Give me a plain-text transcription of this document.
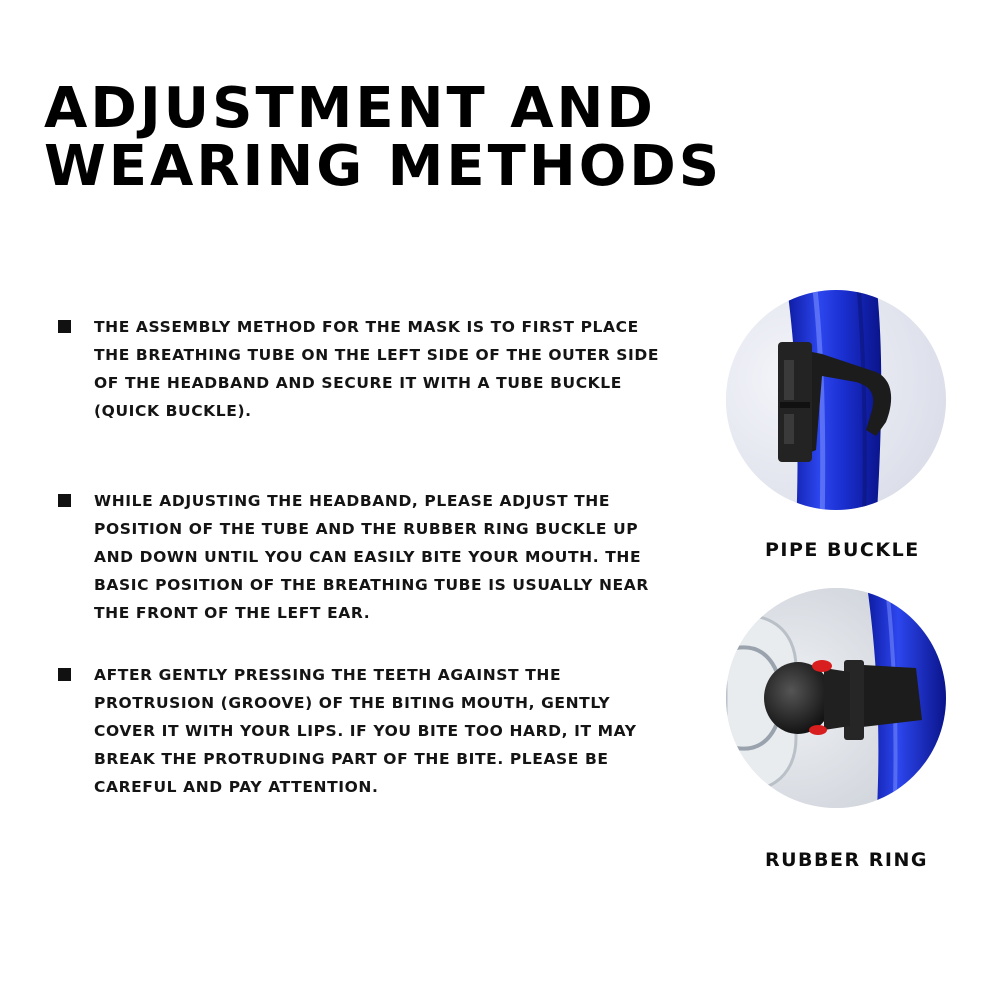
ADJUSTMENT AND
WEARING METHODS

THE ASSEMBLY METHOD FOR THE MASK IS TO FIRST PLACE THE BREATHING TUBE ON THE LEFT SIDE OF THE OUTER SIDE OF THE HEADBAND AND SECURE IT WITH A TUBE BUCKLE (QUICK BUCKLE).

WHILE ADJUSTING THE HEADBAND, PLEASE ADJUST THE POSITION OF THE TUBE AND THE RUBBER RING BUCKLE UP AND DOWN UNTIL YOU CAN EASILY BITE YOUR MOUTH. THE BASIC POSITION OF THE BREATHING TUBE IS USUALLY NEAR THE FRONT OF THE LEFT EAR.

AFTER GENTLY PRESSING THE TEETH AGAINST THE PROTRUSION (GROOVE) OF THE BITING MOUTH, GENTLY COVER IT WITH YOUR LIPS. IF YOU BITE TOO HARD, IT MAY BREAK THE PROTRUDING PART OF THE BITE. PLEASE BE CAREFUL AND PAY ATTENTION.

PIPE BUCKLE
RUBBER RING
